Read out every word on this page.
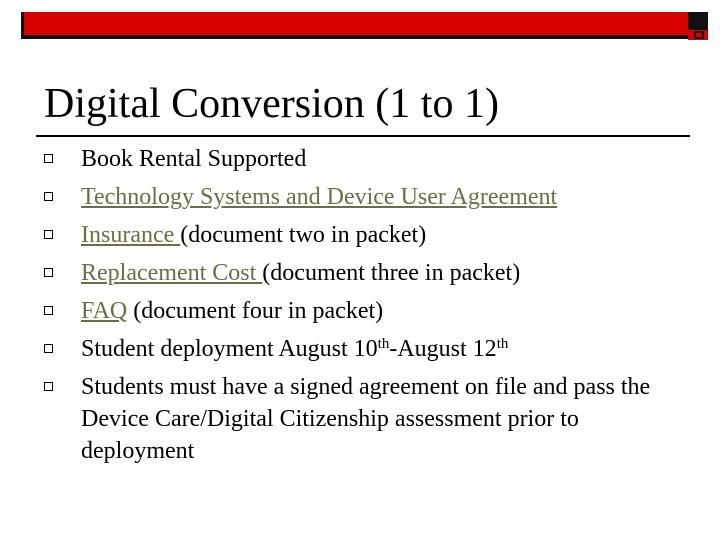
Digital Conversion (1 to 1)
Book Rental Supported
Technology Systems and Device User Agreement
Insurance (document two in packet)
Replacement Cost (document three in packet)
FAQ (document four in packet)
Student deployment August 10th-August 12th
Students must have a signed agreement on file and pass the Device Care/Digital Citizenship assessment prior to deployment
